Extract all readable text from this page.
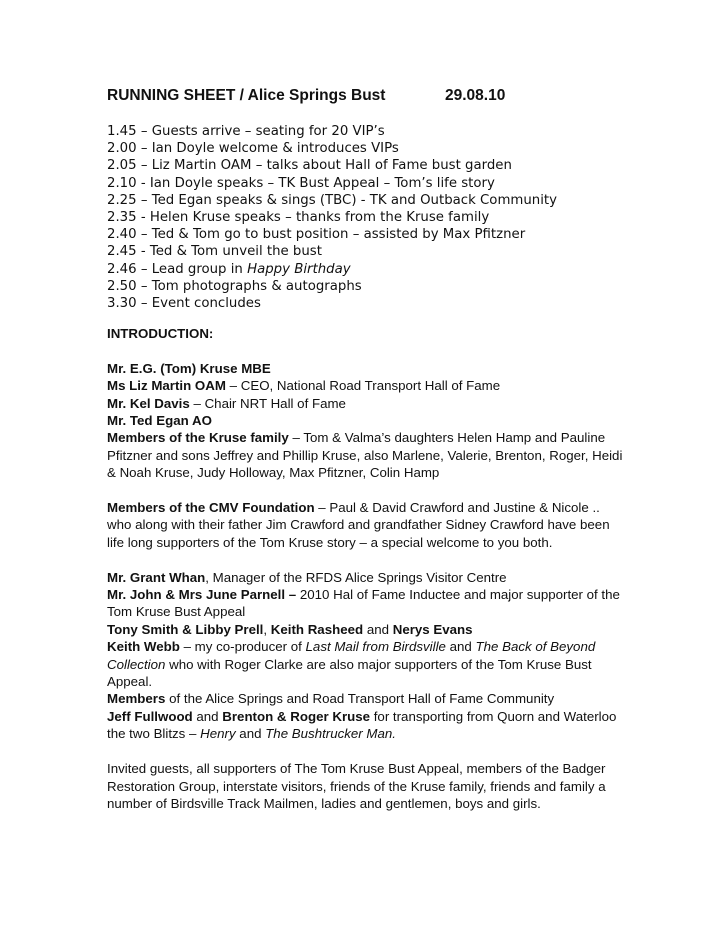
RUNNING SHEET / Alice Springs Bust	29.08.10
1.45 – Guests arrive – seating for 20 VIP’s
2.00 – Ian Doyle welcome & introduces VIPs
2.05 – Liz Martin OAM – talks about Hall of Fame bust garden
2.10 - Ian Doyle speaks – TK Bust Appeal – Tom’s life story
2.25 – Ted Egan speaks & sings (TBC) - TK and Outback Community
2.35 - Helen Kruse speaks – thanks from the Kruse family
2.40 – Ted & Tom go to bust position – assisted by Max Pfitzner
2.45 - Ted & Tom unveil the bust
2.46 – Lead group in Happy Birthday
2.50 – Tom photographs & autographs
3.30 – Event concludes

INTRODUCTION:

Mr. E.G. (Tom) Kruse MBE

Ms Liz Martin OAM – CEO, National Road Transport Hall of Fame

Mr. Kel Davis – Chair NRT Hall of Fame

Mr. Ted Egan AO

Members of the Kruse family – Tom & Valma’s daughters Helen Hamp and Pauline Pfitzner and sons Jeffrey and Phillip Kruse, also Marlene, Valerie, Brenton, Roger, Heidi & Noah Kruse, Judy Holloway, Max Pfitzner, Colin Hamp

Members of the CMV Foundation – Paul & David Crawford and Justine & Nicole .. who along with their father Jim Crawford and grandfather Sidney Crawford have been life long supporters of the Tom Kruse story – a special welcome to you both.

Mr. Grant Whan, Manager of the RFDS Alice Springs Visitor Centre

Mr. John & Mrs June Parnell – 2010 Hal of Fame Inductee and major supporter of the Tom Kruse Bust Appeal

Tony Smith & Libby Prell, Keith Rasheed and Nerys Evans

Keith Webb – my co-producer of Last Mail from Birdsville and The Back of Beyond Collection who with Roger Clarke are also major supporters of the Tom Kruse Bust Appeal.

Members of the Alice Springs and Road Transport Hall of Fame Community

Jeff Fullwood and Brenton & Roger Kruse for transporting from Quorn and Waterloo the two Blitzs – Henry and The Bushtrucker Man.

Invited guests, all supporters of The Tom Kruse Bust Appeal, members of the Badger Restoration Group, interstate visitors, friends of the Kruse family, friends and family a number of Birdsville Track Mailmen, ladies and gentlemen, boys and girls.
